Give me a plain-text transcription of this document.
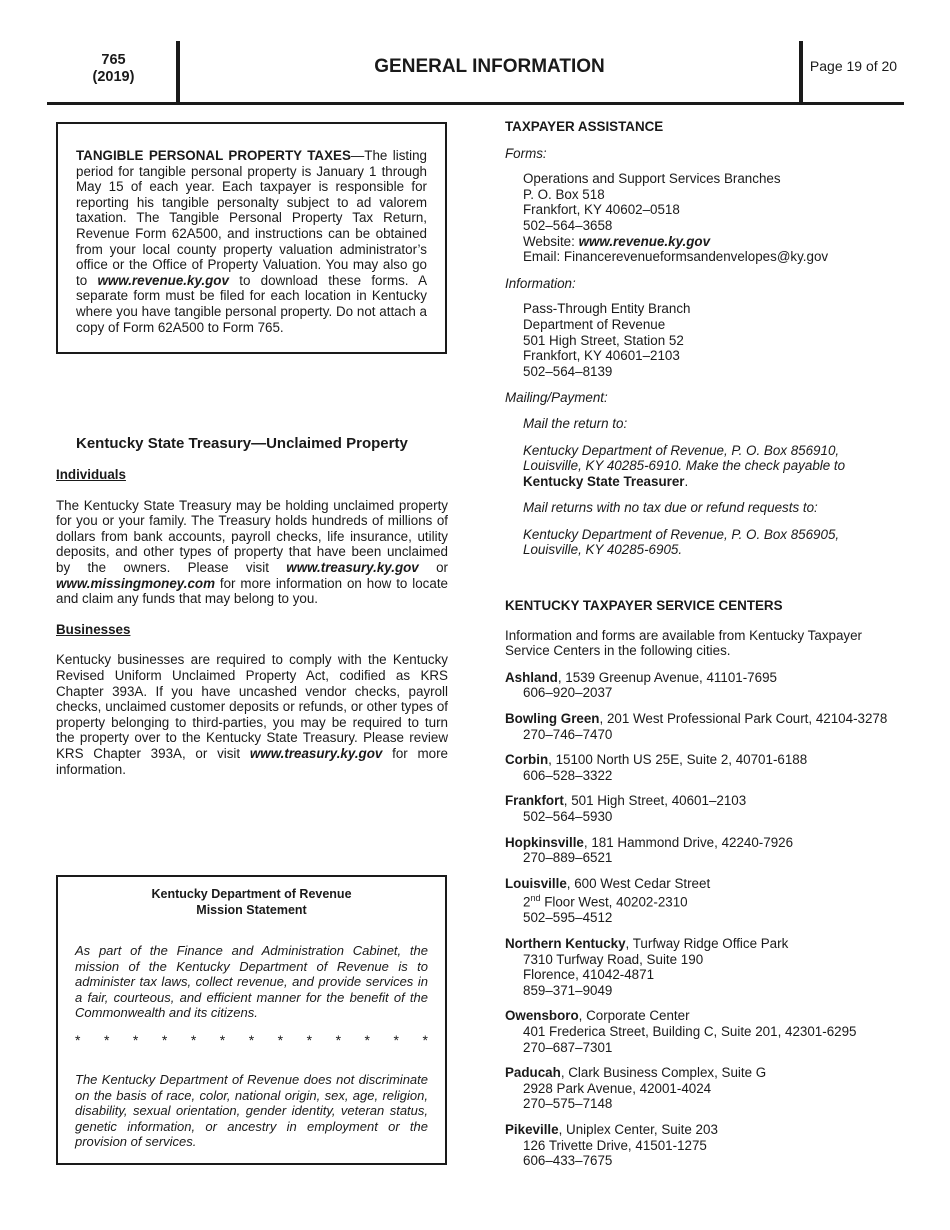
765
(2019)	GENERAL INFORMATION	Page 19 of 20
TANGIBLE PERSONAL PROPERTY TAXES—The listing period for tangible personal property is January 1 through May 15 of each year. Each taxpayer is responsible for reporting his tangible personalty subject to ad valorem taxation. The Tangible Personal Property Tax Return, Revenue Form 62A500, and instructions can be obtained from your local county property valuation administrator’s office or the Office of Property Valuation. You may also go to www.revenue.ky.gov to download these forms. A separate form must be filed for each location in Kentucky where you have tangible personal property. Do not attach a copy of Form 62A500 to Form 765.
Kentucky State Treasury—Unclaimed Property
Individuals
The Kentucky State Treasury may be holding unclaimed property for you or your family. The Treasury holds hundreds of millions of dollars from bank accounts, payroll checks, life insurance, utility deposits, and other types of property that have been unclaimed by the owners. Please visit www.treasury.ky.gov or www.missingmoney.com for more information on how to locate and claim any funds that may belong to you.
Businesses
Kentucky businesses are required to comply with the Kentucky Revised Uniform Unclaimed Property Act, codified as KRS Chapter 393A. If you have uncashed vendor checks, payroll checks, unclaimed customer deposits or refunds, or other types of property belonging to third-parties, you may be required to turn the property over to the Kentucky State Treasury. Please review KRS Chapter 393A, or visit www.treasury.ky.gov for more information.
Kentucky Department of Revenue
Mission Statement
As part of the Finance and Administration Cabinet, the mission of the Kentucky Department of Revenue is to administer tax laws, collect revenue, and provide services in a fair, courteous, and efficient manner for the benefit of the Commonwealth and its citizens.
* * * * * * * * * * * * *
The Kentucky Department of Revenue does not discriminate on the basis of race, color, national origin, sex, age, religion, disability, sexual orientation, gender identity, veteran status, genetic information, or ancestry in employment or the provision of services.
TAXPAYER ASSISTANCE
Forms:
Operations and Support Services Branches
P. O. Box 518
Frankfort, KY 40602–0518
502–564–3658
Website: www.revenue.ky.gov
Email: Financerevenueformsandenvelopes@ky.gov
Information:
Pass-Through Entity Branch
Department of Revenue
501 High Street, Station 52
Frankfort, KY 40601–2103
502–564–8139
Mailing/Payment:
Mail the return to:
Kentucky Department of Revenue, P. O. Box 856910, Louisville, KY 40285-6910. Make the check payable to Kentucky State Treasurer.
Mail returns with no tax due or refund requests to:
Kentucky Department of Revenue, P. O. Box 856905, Louisville, KY 40285-6905.
KENTUCKY TAXPAYER SERVICE CENTERS
Information and forms are available from Kentucky Taxpayer Service Centers in the following cities.
Ashland, 1539 Greenup Avenue, 41101-7695
606–920–2037
Bowling Green, 201 West Professional Park Court, 42104-3278
270–746–7470
Corbin, 15100 North US 25E, Suite 2, 40701-6188
606–528–3322
Frankfort, 501 High Street, 40601–2103
502–564–5930
Hopkinsville, 181 Hammond Drive, 42240-7926
270–889–6521
Louisville, 600 West Cedar Street
2nd Floor West, 40202-2310
502–595–4512
Northern Kentucky, Turfway Ridge Office Park
7310 Turfway Road, Suite 190
Florence, 41042-4871
859–371–9049
Owensboro, Corporate Center
401 Frederica Street, Building C, Suite 201, 42301-6295
270–687–7301
Paducah, Clark Business Complex, Suite G
2928 Park Avenue, 42001-4024
270–575–7148
Pikeville, Uniplex Center, Suite 203
126 Trivette Drive, 41501-1275
606–433–7675
